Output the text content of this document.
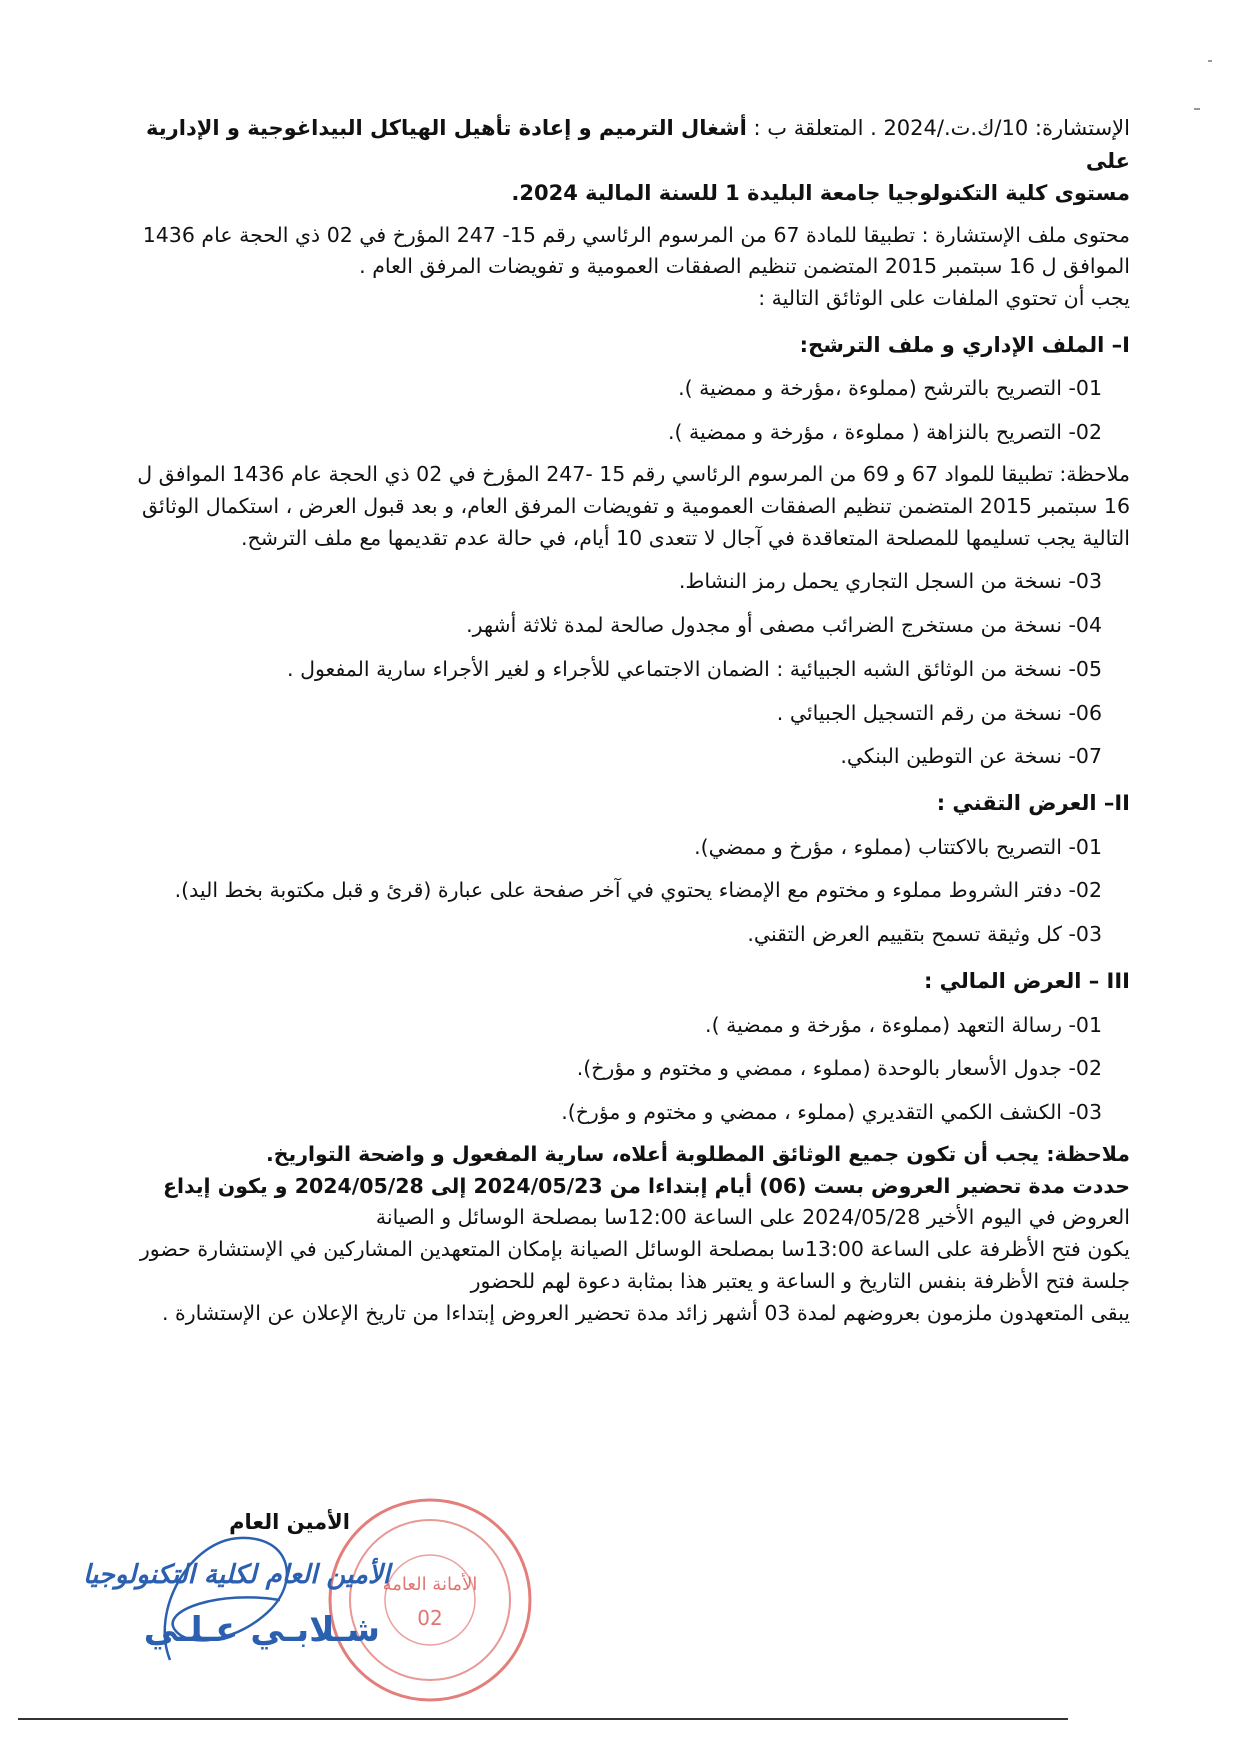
الإستشارة: 10/ك.ت./2024 . المتعلقة ب : أشغال الترميم و إعادة تأهيل الهياكل البيداغوجية و الإدارية على

مستوى كلية التكنولوجيا جامعة البليدة 1 للسنة المالية 2024.

محتوى ملف الإستشارة : تطبيقا للمادة 67 من المرسوم الرئاسي رقم 15- 247 المؤرخ في 02 ذي الحجة عام 1436

الموافق ل 16 سبتمبر 2015 المتضمن تنظيم الصفقات العمومية و تفويضات المرفق العام .

يجب أن تحتوي الملفات على الوثائق التالية :

I– الملف الإداري و ملف الترشح:

01- التصريح بالترشح (مملوءة ،مؤرخة و ممضية ).

02- التصريح بالنزاهة ( مملوءة ، مؤرخة و ممضية ).

ملاحظة: تطبيقا للمواد 67 و 69 من المرسوم الرئاسي رقم 15 -247 المؤرخ في 02 ذي الحجة عام 1436 الموافق ل

16 سبتمبر 2015 المتضمن تنظيم الصفقات العمومية و تفويضات المرفق العام، و بعد قبول العرض ، استكمال الوثائق

التالية يجب تسليمها للمصلحة المتعاقدة في آجال لا تتعدى 10 أيام، في حالة عدم تقديمها مع ملف الترشح.

03- نسخة من السجل التجاري يحمل رمز النشاط.

04- نسخة من مستخرج الضرائب مصفى أو مجدول صالحة لمدة ثلاثة أشهر.

05- نسخة من الوثائق الشبه الجبيائية : الضمان الاجتماعي للأجراء و لغير الأجراء سارية المفعول .

06- نسخة من رقم التسجيل الجبيائي .

07- نسخة عن التوطين البنكي.

II– العرض التقني :

01- التصريح بالاكتتاب (مملوء ، مؤرخ و ممضي).

02- دفتر الشروط مملوء و مختوم مع الإمضاء يحتوي في آخر صفحة على عبارة (قرئ و قبل مكتوبة بخط اليد).

03- كل وثيقة تسمح بتقييم العرض التقني.

III – العرض المالي :

01- رسالة التعهد (مملوءة ، مؤرخة و ممضية ).

02- جدول الأسعار بالوحدة (مملوء ، ممضي و مختوم و مؤرخ).

03- الكشف الكمي التقديري (مملوء ، ممضي و مختوم و مؤرخ).

ملاحظة: يجب أن تكون جميع الوثائق المطلوبة أعلاه، سارية المفعول و واضحة التواريخ.

حددت مدة تحضير العروض بست (06) أيام إبتداءا من 2024/05/23 إلى 2024/05/28 و يكون إيداع

العروض في اليوم الأخير 2024/05/28 على الساعة 12:00سا بمصلحة الوسائل و الصيانة

يكون فتح الأظرفة على الساعة 13:00سا بمصلحة الوسائل الصيانة بإمكان المتعهدين المشاركين في الإستشارة حضور

جلسة فتح الأظرفة بنفس التاريخ و الساعة و يعتبر هذا بمثابة دعوة لهم للحضور

يبقى المتعهدون ملزمون بعروضهم لمدة 03 أشهر زائد مدة تحضير العروض إبتداءا من تاريخ الإعلان عن الإستشارة .

الأمانة العامة
02
الأمين العام
الأمين العام لكلية التكنولوجيا
شـلابـي عـلـي
